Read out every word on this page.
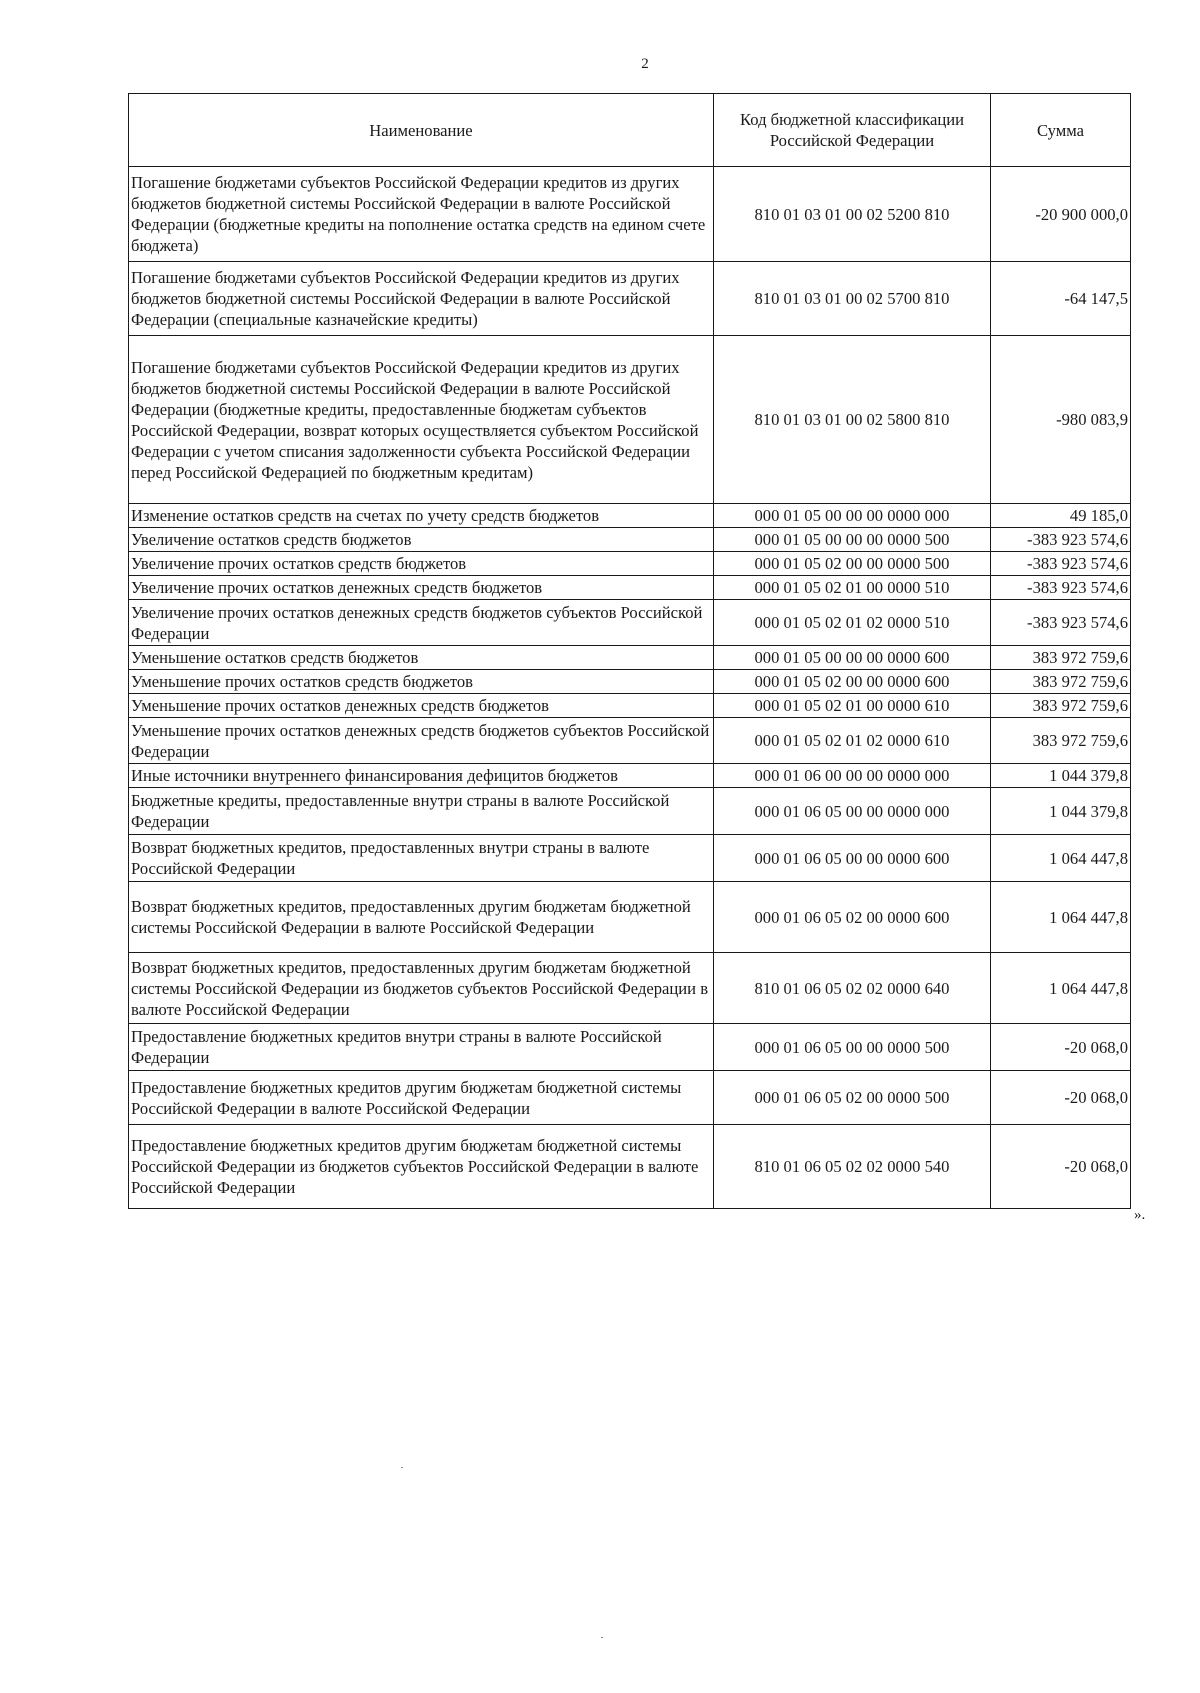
2
Наименование	Код бюджетной классификации Российской Федерации	Сумма
Погашение бюджетами субъектов Российской Федерации кредитов из других бюджетов бюджетной системы Российской Федерации в валюте Российской Федерации (бюджетные кредиты на пополнение остатка средств на едином счете бюджета)	810 01 03 01 00 02 5200 810	-20 900 000,0
Погашение бюджетами субъектов Российской Федерации кредитов из других бюджетов бюджетной системы Российской Федерации в валюте Российской Федерации (специальные казначейские кредиты)	810 01 03 01 00 02 5700 810	-64 147,5
Погашение бюджетами субъектов Российской Федерации кредитов из других бюджетов бюджетной системы Российской Федерации в валюте Российской Федерации (бюджетные кредиты, предоставленные бюджетам субъектов Российской Федерации, возврат которых осуществляется субъектом Российской Федерации с учетом списания задолженности субъекта Российской Федерации перед Российской Федерацией по бюджетным кредитам)	810 01 03 01 00 02 5800 810	-980 083,9
Изменение остатков средств на счетах по учету средств бюджетов	000 01 05 00 00 00 0000 000	49 185,0
Увеличение остатков средств бюджетов	000 01 05 00 00 00 0000 500	-383 923 574,6
Увеличение прочих остатков средств бюджетов	000 01 05 02 00 00 0000 500	-383 923 574,6
Увеличение прочих остатков денежных средств бюджетов	000 01 05 02 01 00 0000 510	-383 923 574,6
Увеличение прочих остатков денежных средств бюджетов субъектов Российской Федерации	000 01 05 02 01 02 0000 510	-383 923 574,6
Уменьшение остатков средств бюджетов	000 01 05 00 00 00 0000 600	383 972 759,6
Уменьшение прочих остатков средств бюджетов	000 01 05 02 00 00 0000 600	383 972 759,6
Уменьшение прочих остатков денежных средств бюджетов	000 01 05 02 01 00 0000 610	383 972 759,6
Уменьшение прочих остатков денежных средств бюджетов субъектов Российской Федерации	000 01 05 02 01 02 0000 610	383 972 759,6
Иные источники внутреннего финансирования дефицитов бюджетов	000 01 06 00 00 00 0000 000	1 044 379,8
Бюджетные кредиты, предоставленные внутри страны в валюте Российской Федерации	000 01 06 05 00 00 0000 000	1 044 379,8
Возврат бюджетных кредитов, предоставленных внутри страны в валюте Российской Федерации	000 01 06 05 00 00 0000 600	1 064 447,8
Возврат бюджетных кредитов, предоставленных другим бюджетам бюджетной системы Российской Федерации в валюте Российской Федерации	000 01 06 05 02 00 0000 600	1 064 447,8
Возврат бюджетных кредитов, предоставленных другим бюджетам бюджетной системы Российской Федерации из бюджетов субъектов Российской Федерации в валюте Российской Федерации	810 01 06 05 02 02 0000 640	1 064 447,8
Предоставление бюджетных кредитов внутри страны в валюте Российской Федерации	000 01 06 05 00 00 0000 500	-20 068,0
Предоставление бюджетных кредитов другим бюджетам бюджетной системы Российской Федерации в валюте Российской Федерации	000 01 06 05 02 00 0000 500	-20 068,0
Предоставление бюджетных кредитов другим бюджетам бюджетной системы Российской Федерации из бюджетов субъектов Российской Федерации в валюте Российской Федерации	810 01 06 05 02 02 0000 540	-20 068,0
».
